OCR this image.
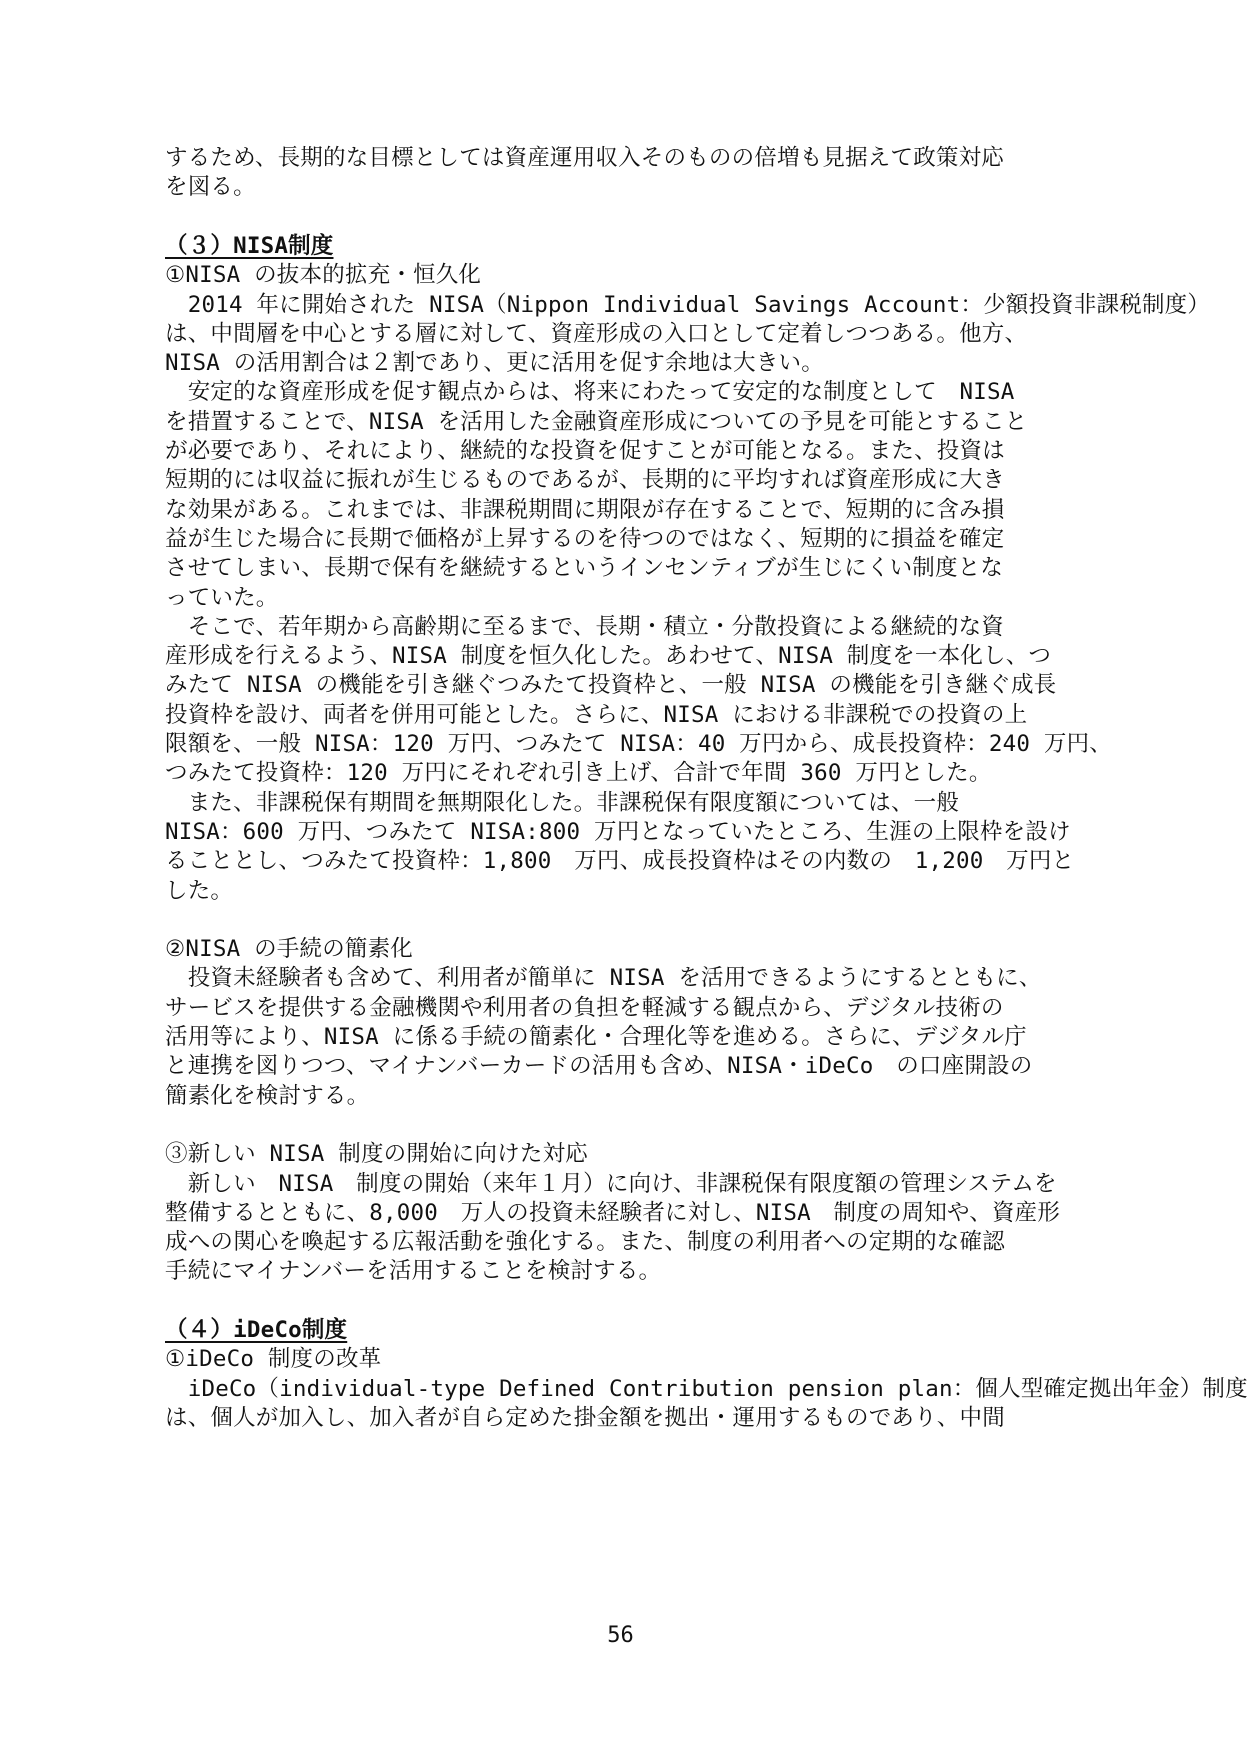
するため、長期的な目標としては資産運用収入そのものの倍増も見据えて政策対応
を図る。
（３）NISA制度
①NISA の抜本的拡充・恒久化
　2014 年に開始された NISA（Nippon Individual Savings Account：少額投資非課税制度）
は、中間層を中心とする層に対して、資産形成の入口として定着しつつある。他方、
NISA の活用割合は２割であり、更に活用を促す余地は大きい。
　安定的な資産形成を促す観点からは、将来にわたって安定的な制度として　NISA
を措置することで、NISA を活用した金融資産形成についての予見を可能とすること
が必要であり、それにより、継続的な投資を促すことが可能となる。また、投資は
短期的には収益に振れが生じるものであるが、長期的に平均すれば資産形成に大き
な効果がある。これまでは、非課税期間に期限が存在することで、短期的に含み損
益が生じた場合に長期で価格が上昇するのを待つのではなく、短期的に損益を確定
させてしまい、長期で保有を継続するというインセンティブが生じにくい制度とな
っていた。
　そこで、若年期から高齢期に至るまで、長期・積立・分散投資による継続的な資
産形成を行えるよう、NISA 制度を恒久化した。あわせて、NISA 制度を一本化し、つ
みたて NISA の機能を引き継ぐつみたて投資枠と、一般 NISA の機能を引き継ぐ成長
投資枠を設け、両者を併用可能とした。さらに、NISA における非課税での投資の上
限額を、一般 NISA：120 万円、つみたて NISA：40 万円から、成長投資枠：240 万円、
つみたて投資枠：120 万円にそれぞれ引き上げ、合計で年間 360 万円とした。
　また、非課税保有期間を無期限化した。非課税保有限度額については、一般
NISA：600 万円、つみたて NISA:800 万円となっていたところ、生涯の上限枠を設け
ることとし、つみたて投資枠：1,800　万円、成長投資枠はその内数の　1,200　万円と
した。
②NISA の手続の簡素化
　投資未経験者も含めて、利用者が簡単に NISA を活用できるようにするとともに、
サービスを提供する金融機関や利用者の負担を軽減する観点から、デジタル技術の
活用等により、NISA に係る手続の簡素化・合理化等を進める。さらに、デジタル庁
と連携を図りつつ、マイナンバーカードの活用も含め、NISA・iDeCo　の口座開設の
簡素化を検討する。
③新しい NISA 制度の開始に向けた対応
　新しい　NISA　制度の開始（来年１月）に向け、非課税保有限度額の管理システムを
整備するとともに、8,000　万人の投資未経験者に対し、NISA　制度の周知や、資産形
成への関心を喚起する広報活動を強化する。また、制度の利用者への定期的な確認
手続にマイナンバーを活用することを検討する。
（４）iDeCo制度
①iDeCo 制度の改革
　iDeCo（individual-type Defined Contribution pension plan：個人型確定拠出年金）制度
は、個人が加入し、加入者が自ら定めた掛金額を拠出・運用するものであり、中間
56
